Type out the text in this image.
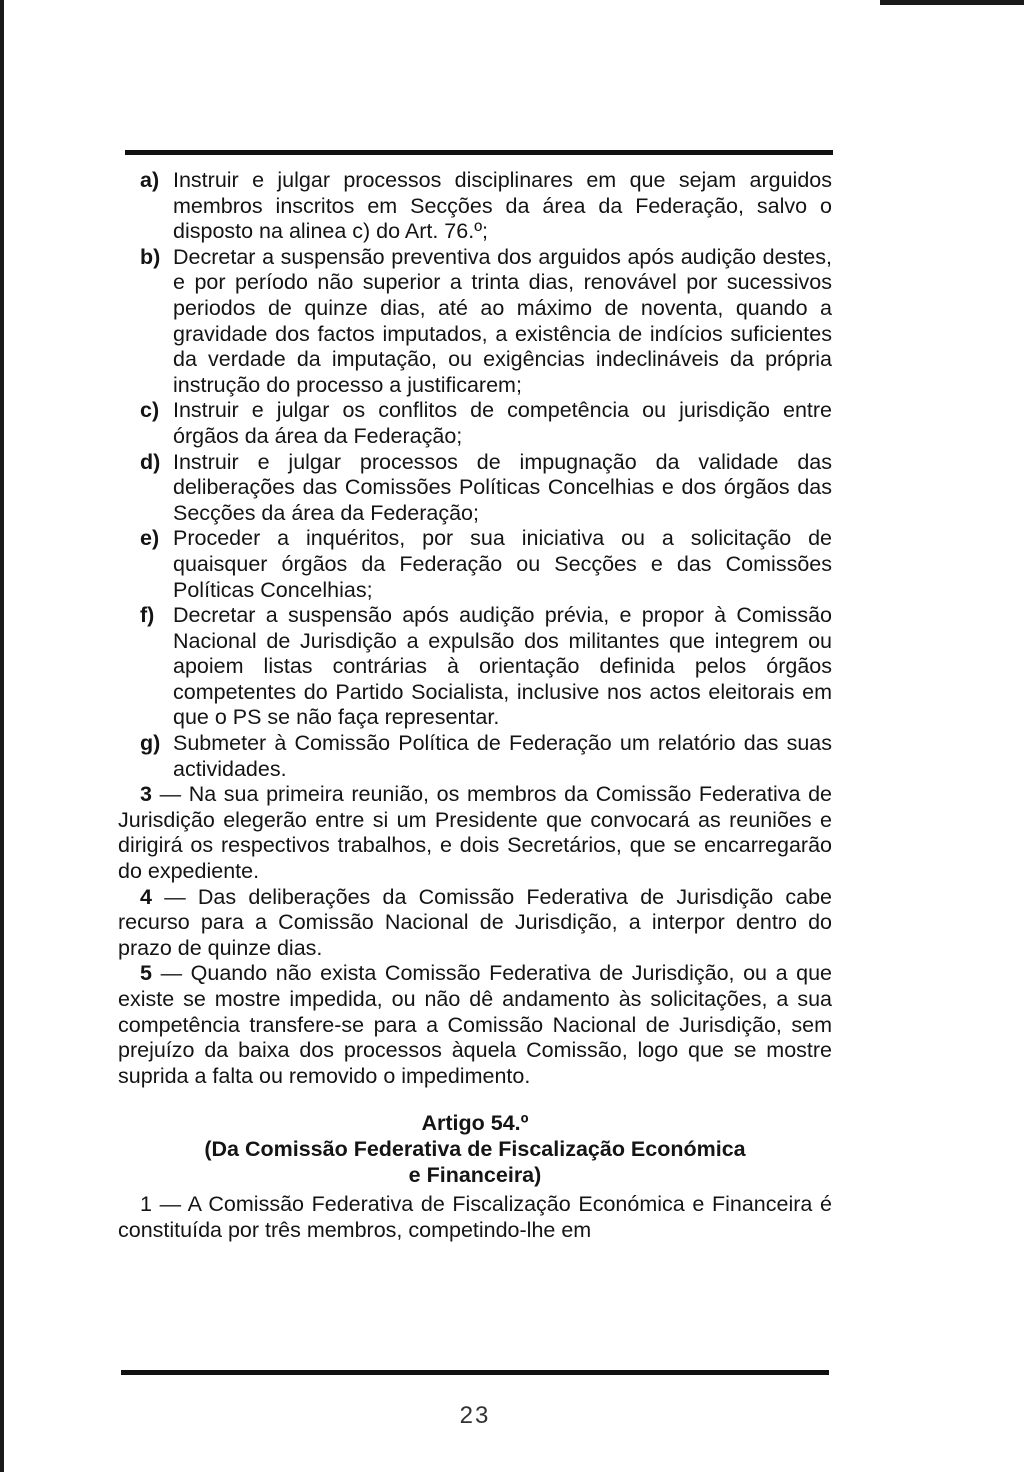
a) Instruir e julgar processos disciplinares em que sejam arguidos membros inscritos em Secções da área da Federação, salvo o disposto na alinea c) do Art. 76.º;
b) Decretar a suspensão preventiva dos arguidos após audição destes, e por período não superior a trinta dias, renovável por sucessivos periodos de quinze dias, até ao máximo de noventa, quando a gravidade dos factos imputados, a existência de indícios suficientes da verdade da imputação, ou exigências indeclináveis da própria instrução do processo a justificarem;
c) Instruir e julgar os conflitos de competência ou jurisdição entre órgãos da área da Federação;
d) Instruir e julgar processos de impugnação da validade das deliberações das Comissões Políticas Concelhias e dos órgãos das Secções da área da Federação;
e) Proceder a inquéritos, por sua iniciativa ou a solicitação de quaisquer órgãos da Federação ou Secções e das Comissões Políticas Concelhias;
f) Decretar a suspensão após audição prévia, e propor à Comissão Nacional de Jurisdição a expulsão dos militantes que integrem ou apoiem listas contrárias à orientação definida pelos órgãos competentes do Partido Socialista, inclusive nos actos eleitorais em que o PS se não faça representar.
g) Submeter à Comissão Política de Federação um relatório das suas actividades.

3 — Na sua primeira reunião, os membros da Comissão Federativa de Jurisdição elegerão entre si um Presidente que convocará as reuniões e dirigirá os respectivos trabalhos, e dois Secretários, que se encarregarão do expediente.

4 — Das deliberações da Comissão Federativa de Jurisdição cabe recurso para a Comissão Nacional de Jurisdição, a interpor dentro do prazo de quinze dias.

5 — Quando não exista Comissão Federativa de Jurisdição, ou a que existe se mostre impedida, ou não dê andamento às solicitações, a sua competência transfere-se para a Comissão Nacional de Jurisdição, sem prejuízo da baixa dos processos àquela Comissão, logo que se mostre suprida a falta ou removido o impedimento.

Artigo 54.º
(Da Comissão Federativa de Fiscalização Económica
e Financeira)

1 — A Comissão Federativa de Fiscalização Económica e Financeira é constituída por três membros, competindo-lhe em

23
